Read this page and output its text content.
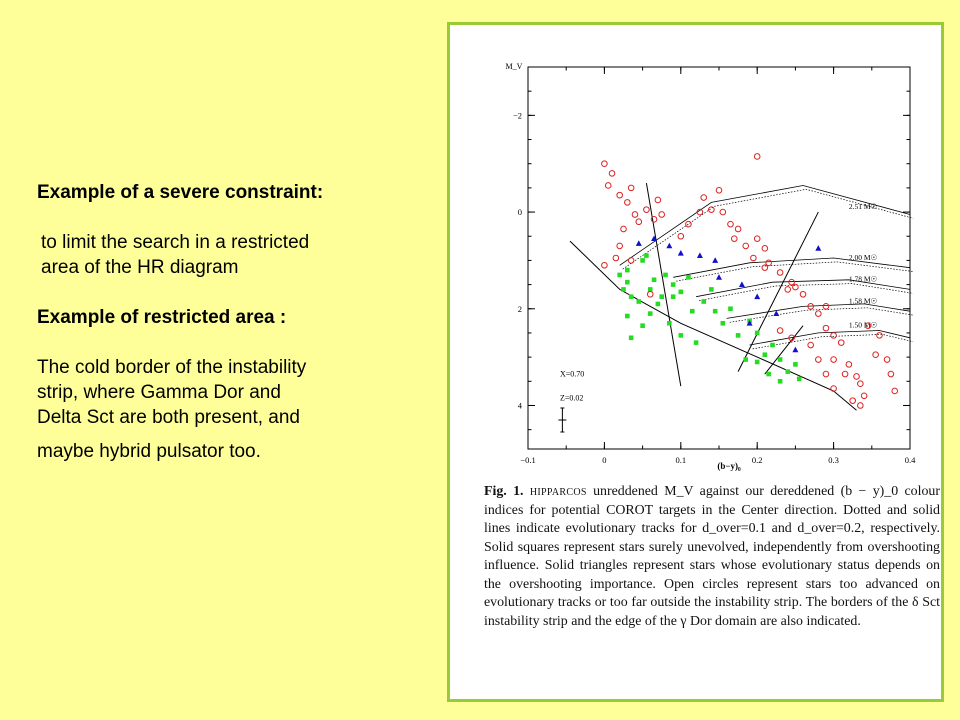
Example of a severe constraint:
to limit the search in a restricted
area of the HR diagram
Example of restricted area :
The cold border of the instability
strip, where Gamma Dor and
Delta Sct are both present, and
maybe hybrid pulsator too.	−0.1	0	0.1	0.2	0.3	0.4
−2
0
2
4
(b−y)₀
M_V
X=0.70
Z=0.02
2.51 M☉
2.00 M☉
1.78 M☉
1.58 M☉
1.50 M☉
Fig. 1. hipparcos unreddened M_V against our dereddened (b − y)_0 colour indices for potential COROT targets in the Center direction. Dotted and solid lines indicate evolutionary tracks for d_over=0.1 and d_over=0.2, respectively. Solid squares represent stars surely unevolved, independently from overshooting influence. Solid triangles represent stars whose evolutionary status depends on the overshooting importance. Open circles represent stars too advanced on evolutionary tracks or too far outside the instability strip. The borders of the δ Sct instability strip and the edge of the γ Dor domain are also indicated.
